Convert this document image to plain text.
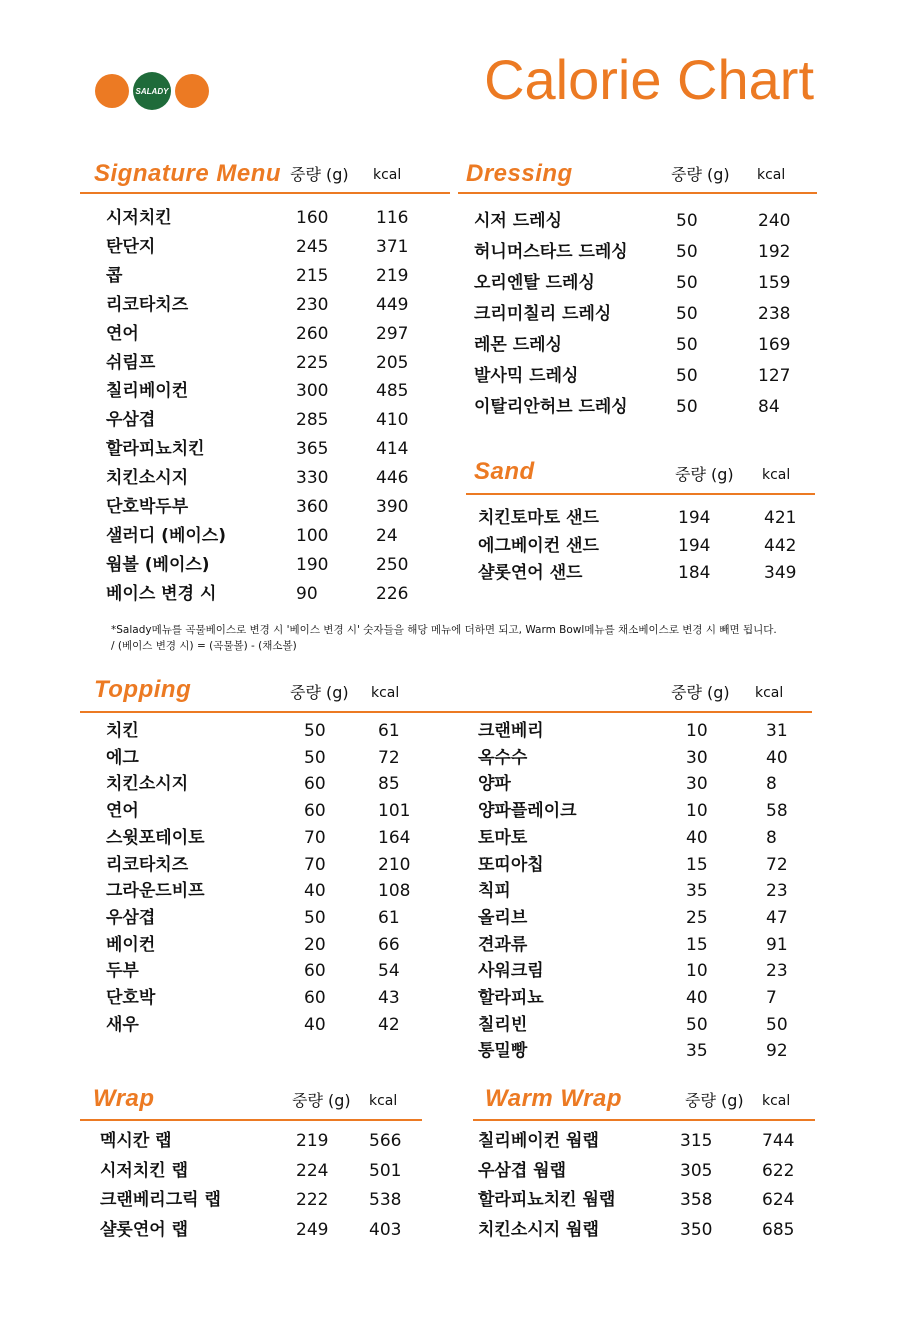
SALADY	Calorie Chart
Signature Menu 중량 (g) kcal
시저치킨	160	116
탄단지	245	371
콥	215	219
리코타치즈	230	449
연어	260	297
쉬림프	225	205
칠리베이컨	300	485
우삼겹	285	410
할라피뇨치킨	365	414
치킨소시지	330	446
단호박두부	360	390
샐러디 (베이스)	100	24
웜볼 (베이스)	190	250
베이스 변경 시	90	226
Dressing	중량 (g) kcal
시저 드레싱	50	240
허니머스타드 드레싱	50	192
오리엔탈 드레싱	50	159
크리미칠리 드레싱	50	238
레몬 드레싱	50	169
발사믹 드레싱	50	127
이탈리안허브 드레싱	50	84
Sand	중량 (g) kcal
치킨토마토 샌드	194	421
에그베이컨 샌드	194	442
샬롯연어 샌드	184	349
*Salady메뉴를 곡물베이스로 변경 시 '베이스 변경 시' 숫자들을 해당 메뉴에 더하면 되고, Warm Bowl메뉴를 채소베이스로 변경 시 빼면 됩니다.
/ (베이스 변경 시) = (곡물볼) - (채소볼)
Topping	중량 (g) kcal	중량 (g) kcal
치킨	50	61
에그	50	72
치킨소시지	60	85
연어	60	101
스윗포테이토	70	164
리코타치즈	70	210
그라운드비프	40	108
우삼겹	50	61
베이컨	20	66
두부	60	54
단호박	60	43
새우	40	42
크랜베리	10	31
옥수수	30	40
양파	30	8
양파플레이크	10	58
토마토	40	8
또띠아칩	15	72
칙피	35	23
올리브	25	47
견과류	15	91
사워크림	10	23
할라피뇨	40	7
칠리빈	50	50
통밀빵	35	92
Wrap	중량 (g) kcal
멕시칸 랩	219 566
시저치킨 랩	224 501
크랜베리그릭 랩	222 538
샬롯연어 랩	249 403
Warm Wrap	중량 (g) kcal
칠리베이컨 웜랩	315	744
우삼겹 웜랩	305	622
할라피뇨치킨 웜랩	358	624
치킨소시지 웜랩	350	685
